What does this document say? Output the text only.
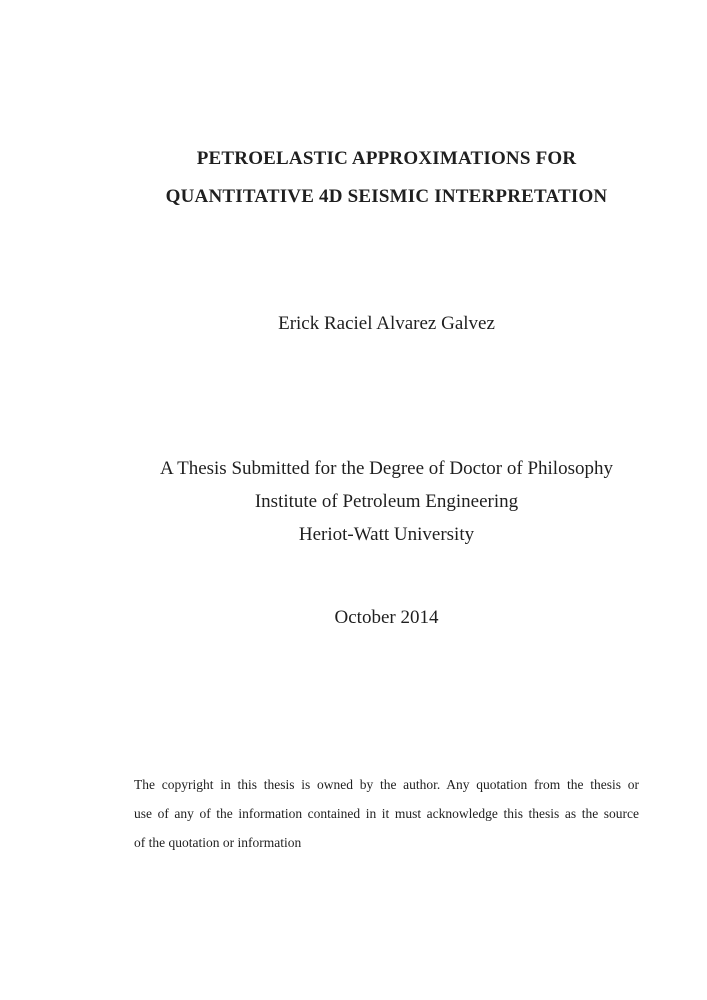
PETROELASTIC APPROXIMATIONS FOR
QUANTITATIVE 4D SEISMIC INTERPRETATION
Erick Raciel Alvarez Galvez
A Thesis Submitted for the Degree of Doctor of Philosophy
Institute of Petroleum Engineering
Heriot-Watt University
October 2014
The copyright in this thesis is owned by the author. Any quotation from the thesis or
use of any of the information contained in it must acknowledge this thesis as the source
of the quotation or information
